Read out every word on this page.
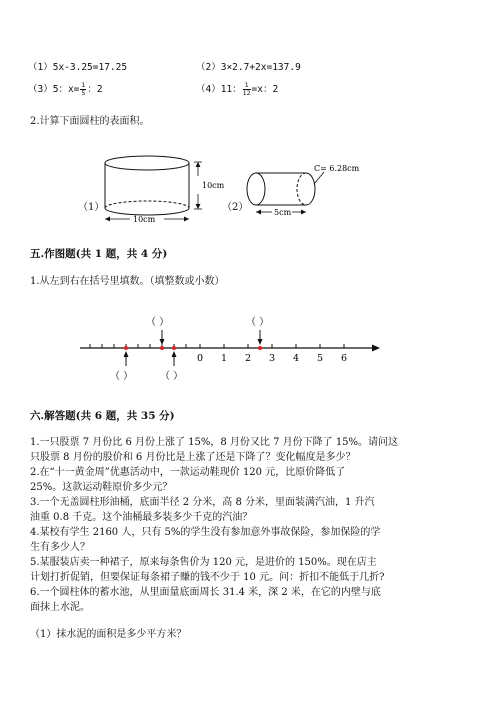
（1）5x-3.25=17.25	（2）3×2.7+2x=137.9
（3）5：$x= \frac{1}{5}$ ：2	（4）11： $\frac{1}{12} =x$：2
2.计算下面圆柱的表面积。
（1）
10cm
10cm
（2）
C= 6.28cm
5cm
五.作图题(共 1 题，共 4 分)
1.从左到右在括号里填数。（填整数或小数）
（ ）	（ ）
（ ）	（ ）
0 1 2 3 4 5 6
六.解答题(共 6 题，共 35 分)
1.一只股票 7 月份比 6 月份上涨了 15%，8 月份又比 7 月份下降了 15%。请问这
只股票 8 月份的股价和 6 月份比是上涨了还是下降了？变化幅度是多少？
2.在“十一黄金周”优惠活动中，一款运动鞋现价 120 元，比原价降低了
25%。这款运动鞋原价多少元？
3.一个无盖圆柱形油桶，底面半径 2 分米，高 8 分米，里面装满汽油，1 升汽
油重 0.8 千克。这个油桶最多装多少千克的汽油？
4.某校有学生 2160 人，只有 5%的学生没有参加意外事故保险，参加保险的学
生有多少人？
5.某服装店卖一种裙子，原来每条售价为 120 元，是进价的 150%。现在店主
计划打折促销，但要保证每条裙子赚的钱不少于 10 元。问：折扣不能低于几折?
6.一个圆柱体的蓄水池，从里面量底面周长 31.4 米，深 2 米，在它的内壁与底
面抹上水泥。
（1）抹水泥的面积是多少平方米？
